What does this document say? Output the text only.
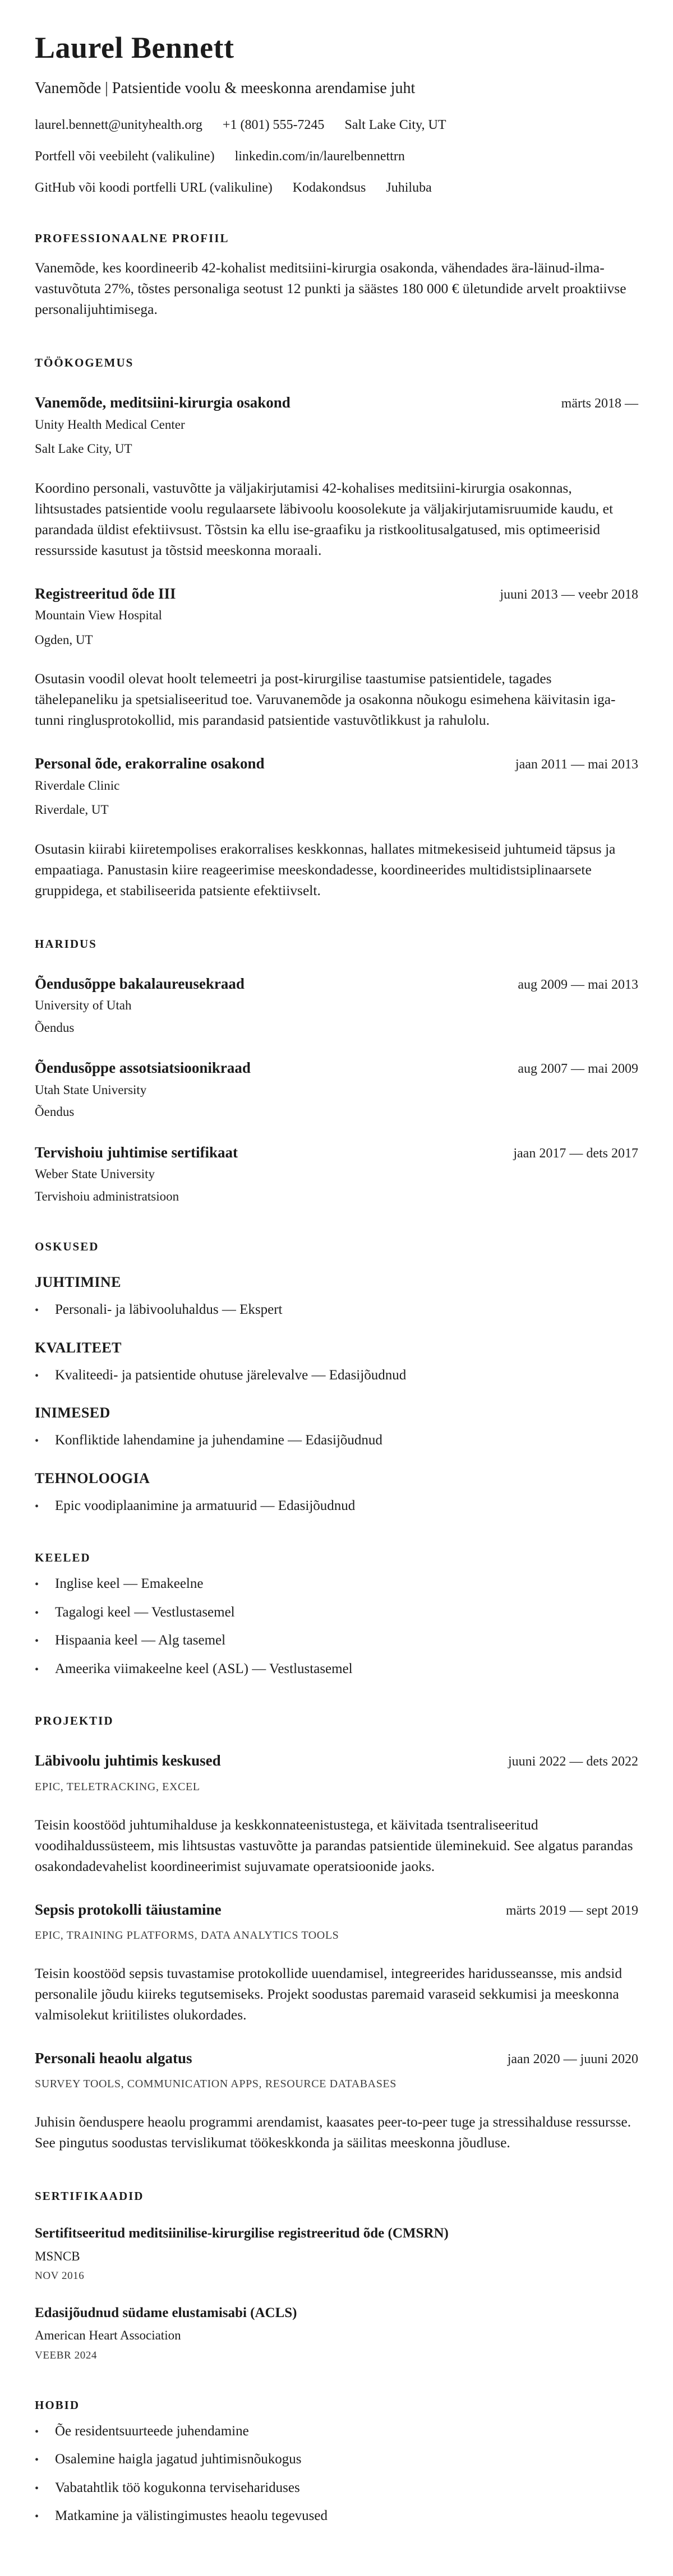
Laurel Bennett
Vanemõde | Patsientide voolu & meeskonna arendamise juht
laurel.bennett@unityhealth.org +1 (801) 555-7245 Salt Lake City, UT
Portfell või veebileht (valikuline) linkedin.com/in/laurelbennettrn
GitHub või koodi portfelli URL (valikuline) Kodakondsus Juhiluba
PROFESSIONAALNE PROFIIL

Vanemõde, kes koordineerib 42-kohalist meditsiini-kirurgia osakonda, vähendades ära-läinud-ilma-vastuvõtuta 27%, tõstes personaliga seotust 12 punkti ja säästes 180 000 € ületundide arvelt proaktiivse personalijuhtimisega.

TÖÖKOGEMUS
Vanemõde, meditsiini-kirurgia osakond	märts 2018 —
Unity Health Medical Center
Salt Lake City, UT

Koordino personali, vastuvõtte ja väljakirjutamisi 42-kohalises meditsiini-kirurgia osakonnas, lihtsustades patsientide voolu regulaarsete läbivoolu koosolekute ja väljakirjutamisruumide kaudu, et parandada üldist efektiivsust. Tõstsin ka ellu ise-graafiku ja ristkoolitusalgatused, mis optimeerisid ressursside kasutust ja tõstsid meeskonna moraali.

Registreeritud õde III	juuni 2013 — veebr 2018
Mountain View Hospital
Ogden, UT

Osutasin voodil olevat hoolt telemeetri ja post-kirurgilise taastumise patsientidele, tagades tähelepaneliku ja spetsialiseeritud toe. Varuvanemõde ja osakonna nõukogu esimehena käivitasin iga-tunni ringlusprotokollid, mis parandasid patsientide vastuvõtlikkust ja rahulolu.

Personal õde, erakorraline osakond	jaan 2011 — mai 2013
Riverdale Clinic
Riverdale, UT

Osutasin kiirabi kiiretempolises erakorralises keskkonnas, hallates mitmekesiseid juhtumeid täpsus ja empaatiaga. Panustasin kiire reageerimise meeskondadesse, koordineerides multidistsiplinaarsete gruppidega, et stabiliseerida patsiente efektiivselt.

HARIDUS
Õendusõppe bakalaureusekraad	aug 2009 — mai 2013
University of Utah
Õendus
Õendusõppe assotsiatsioonikraad	aug 2007 — mai 2009
Utah State University
Õendus
Tervishoiu juhtimise sertifikaat	jaan 2017 — dets 2017
Weber State University
Tervishoiu administratsioon
OSKUSED
JUHTIMINE
•	Personali- ja läbivooluhaldus — Ekspert
KVALITEET
•	Kvaliteedi- ja patsientide ohutuse järelevalve — Edasijõudnud
INIMESED
•	Konfliktide lahendamine ja juhendamine — Edasijõudnud
TEHNOLOOGIA
•	Epic voodiplaanimine ja armatuurid — Edasijõudnud
KEELED
•	Inglise keel — Emakeelne
•	Tagalogi keel — Vestlustasemel
•	Hispaania keel — Alg tasemel
•	Ameerika viimakeelne keel (ASL) — Vestlustasemel
PROJEKTID
Läbivoolu juhtimis keskused	juuni 2022 — dets 2022
EPIC, TELETRACKING, EXCEL

Teisin koostööd juhtumihalduse ja keskkonnateenistustega, et käivitada tsentraliseeritud voodihaldussüsteem, mis lihtsustas vastuvõtte ja parandas patsientide üleminekuid. See algatus parandas osakondadevahelist koordineerimist sujuvamate operatsioonide jaoks.

Sepsis protokolli täiustamine	märts 2019 — sept 2019
EPIC, TRAINING PLATFORMS, DATA ANALYTICS TOOLS

Teisin koostööd sepsis tuvastamise protokollide uuendamisel, integreerides haridusseansse, mis andsid personalile jõudu kiireks tegutsemiseks. Projekt soodustas paremaid varaseid sekkumisi ja meeskonna valmisolekut kriitilistes olukordades.

Personali heaolu algatus	jaan 2020 — juuni 2020
SURVEY TOOLS, COMMUNICATION APPS, RESOURCE DATABASES

Juhisin õenduspere heaolu programmi arendamist, kaasates peer-to-peer tuge ja stressihalduse ressursse. See pingutus soodustas tervislikumat töökeskkonda ja säilitas meeskonna jõudluse.

SERTIFIKAADID
Sertifitseeritud meditsiinilise-kirurgilise registreeritud õde (CMSRN)
MSNCB
NOV 2016
Edasijõudnud südame elustamisabi (ACLS)
American Heart Association
VEEBR 2024
HOBID
•	Õe residentsuurteede juhendamine
•	Osalemine haigla jagatud juhtimisnõukogus
•	Vabatahtlik töö kogukonna tervisehariduses
•	Matkamine ja välistingimustes heaolu tegevused
